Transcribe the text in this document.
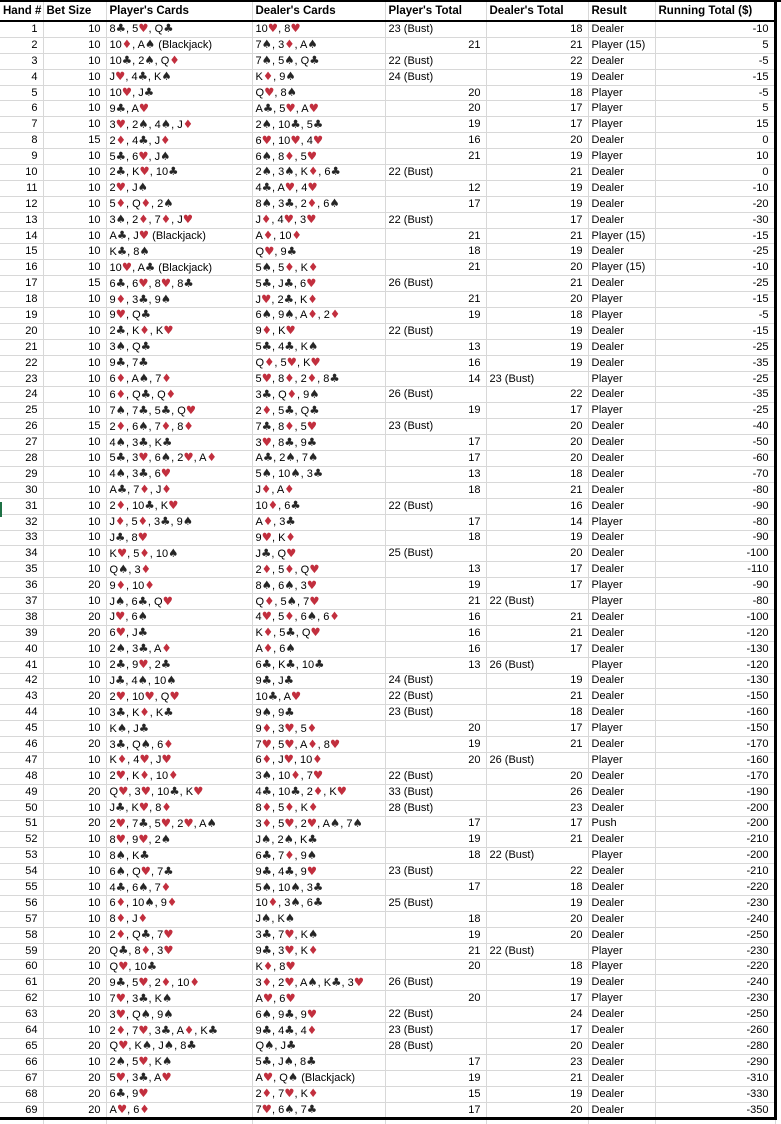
Hand #	Bet Size	Player's Cards	Dealer's Cards	Player's Total	Dealer's Total	Result	Running Total ($)
1	10	8♣, 5♥, Q♣	10♥, 8♥	23 (Bust)	18	Dealer	-10
2	10	10♦, A♠ (Blackjack)	7♠, 3♦, A♠	21	21	Player (15)	5
3	10	10♣, 2♠, Q♦	7♠, 5♠, Q♣	22 (Bust)	22	Dealer	-5
4	10	J♥, 4♣, K♠	K♦, 9♠	24 (Bust)	19	Dealer	-15
5	10	10♥, J♣	Q♥, 8♠	20	18	Player	-5
6	10	9♣, A♥	A♣, 5♥, A♥	20	17	Player	5
7	10	3♥, 2♠, 4♠, J♦	2♠, 10♣, 5♣	19	17	Player	15
8	15	2♦, 4♣, J♦	6♥, 10♥, 4♥	16	20	Dealer	0
9	10	5♣, 6♥, J♠	6♠, 8♦, 5♥	21	19	Player	10
10	10	2♣, K♥, 10♣	2♠, 3♠, K♦, 6♣	22 (Bust)	21	Dealer	0
11	10	2♥, J♠	4♣, A♥, 4♥	12	19	Dealer	-10
12	10	5♦, Q♦, 2♠	8♠, 3♣, 2♦, 6♠	17	19	Dealer	-20
13	10	3♠, 2♦, 7♦, J♥	J♦, 4♥, 3♥	22 (Bust)	17	Dealer	-30
14	10	A♣, J♥ (Blackjack)	A♦, 10♦	21	21	Player (15)	-15
15	10	K♣, 8♠	Q♥, 9♣	18	19	Dealer	-25
16	10	10♥, A♣ (Blackjack)	5♠, 5♦, K♦	21	20	Player (15)	-10
17	15	6♣, 6♥, 8♥, 8♣	5♣, J♣, 6♥	26 (Bust)	21	Dealer	-25
18	10	9♦, 3♣, 9♠	J♥, 2♣, K♦	21	20	Player	-15
19	10	9♥, Q♣	6♠, 9♠, A♦, 2♦	19	18	Player	-5
20	10	2♣, K♦, K♥	9♦, K♥	22 (Bust)	19	Dealer	-15
21	10	3♠, Q♣	5♣, 4♣, K♠	13	19	Dealer	-25
22	10	9♣, 7♣	Q♦, 5♥, K♥	16	19	Dealer	-35
23	10	6♦, A♠, 7♦	5♥, 8♦, 2♦, 8♣	14	23 (Bust)	Player	-25
24	10	6♦, Q♣, Q♦	3♣, Q♦, 9♠	26 (Bust)	22	Dealer	-35
25	10	7♠, 7♣, 5♣, Q♥	2♦, 5♣, Q♣	19	17	Player	-25
26	15	2♦, 6♠, 7♦, 8♦	7♣, 8♦, 5♥	23 (Bust)	20	Dealer	-40
27	10	4♠, 3♣, K♣	3♥, 8♣, 9♣	17	20	Dealer	-50
28	10	5♣, 3♥, 6♠, 2♥, A♦	A♣, 2♠, 7♠	17	20	Dealer	-60
29	10	4♠, 3♣, 6♥	5♠, 10♠, 3♣	13	18	Dealer	-70
30	10	A♣, 7♦, J♦	J♦, A♦	18	21	Dealer	-80
31	10	2♦, 10♣, K♥	10♦, 6♣	22 (Bust)	16	Dealer	-90
32	10	J♦, 5♦, 3♣, 9♠	A♦, 3♣	17	14	Player	-80
33	10	J♣, 8♥	9♥, K♦	18	19	Dealer	-90
34	10	K♥, 5♦, 10♠	J♣, Q♥	25 (Bust)	20	Dealer	-100
35	10	Q♠, 3♦	2♦, 5♦, Q♥	13	17	Dealer	-110
36	20	9♦, 10♦	8♠, 6♠, 3♥	19	17	Player	-90
37	10	J♠, 6♣, Q♥	Q♦, 5♠, 7♥	21	22 (Bust)	Player	-80
38	20	J♥, 6♠	4♥, 5♦, 6♠, 6♦	16	21	Dealer	-100
39	20	6♥, J♣	K♦, 5♣, Q♥	16	21	Dealer	-120
40	10	2♠, 3♣, A♦	A♦, 6♠	16	17	Dealer	-130
41	10	2♣, 9♥, 2♣	6♣, K♣, 10♣	13	26 (Bust)	Player	-120
42	10	J♣, 4♠, 10♠	9♣, J♣	24 (Bust)	19	Dealer	-130
43	20	2♥, 10♥, Q♥	10♣, A♥	22 (Bust)	21	Dealer	-150
44	10	3♣, K♦, K♣	9♠, 9♣	23 (Bust)	18	Dealer	-160
45	10	K♠, J♣	9♦, 3♥, 5♦	20	17	Player	-150
46	20	3♣, Q♠, 6♦	7♥, 5♥, A♦, 8♥	19	21	Dealer	-170
47	10	K♦, 4♥, J♥	6♦, J♥, 10♦	20	26 (Bust)	Player	-160
48	10	2♥, K♦, 10♦	3♠, 10♦, 7♥	22 (Bust)	20	Dealer	-170
49	20	Q♥, 3♥, 10♣, K♥	4♣, 10♣, 2♦, K♥	33 (Bust)	26	Dealer	-190
50	10	J♣, K♥, 8♦	8♦, 5♦, K♦	28 (Bust)	23	Dealer	-200
51	20	2♥, 7♣, 5♥, 2♥, A♠	3♦, 5♥, 2♥, A♠, 7♠	17	17	Push	-200
52	10	8♥, 9♥, 2♠	J♠, 2♠, K♣	19	21	Dealer	-210
53	10	8♠, K♣	6♣, 7♦, 9♠	18	22 (Bust)	Player	-200
54	10	6♠, Q♥, 7♣	9♣, 4♣, 9♥	23 (Bust)	22	Dealer	-210
55	10	4♣, 6♠, 7♦	5♠, 10♠, 3♣	17	18	Dealer	-220
56	10	6♦, 10♠, 9♦	10♦, 3♠, 6♣	25 (Bust)	19	Dealer	-230
57	10	8♦, J♦	J♠, K♠	18	20	Dealer	-240
58	10	2♦, Q♣, 7♥	3♣, 7♥, K♠	19	20	Dealer	-250
59	20	Q♣, 8♦, 3♥	9♣, 3♥, K♦	21	22 (Bust)	Player	-230
60	10	Q♥, 10♣	K♦, 8♥	20	18	Player	-220
61	20	9♣, 5♥, 2♦, 10♦	3♦, 2♥, A♠, K♣, 3♥	26 (Bust)	19	Dealer	-240
62	10	7♥, 3♣, K♠	A♥, 6♥	20	17	Player	-230
63	20	3♥, Q♠, 9♠	6♠, 9♣, 9♥	22 (Bust)	24	Dealer	-250
64	10	2♦, 7♥, 3♣, A♦, K♣	9♣, 4♣, 4♦	23 (Bust)	17	Dealer	-260
65	20	Q♥, K♠, J♠, 8♣	Q♠, J♣	28 (Bust)	20	Dealer	-280
66	10	2♠, 5♥, K♠	5♣, J♠, 8♣	17	23	Dealer	-290
67	20	5♥, 3♣, A♥	A♥, Q♠ (Blackjack)	19	21	Dealer	-310
68	20	6♣, 9♥	2♦, 7♥, K♦	15	19	Dealer	-330
69	20	A♥, 6♦	7♥, 6♠, 7♣	17	20	Dealer	-350
